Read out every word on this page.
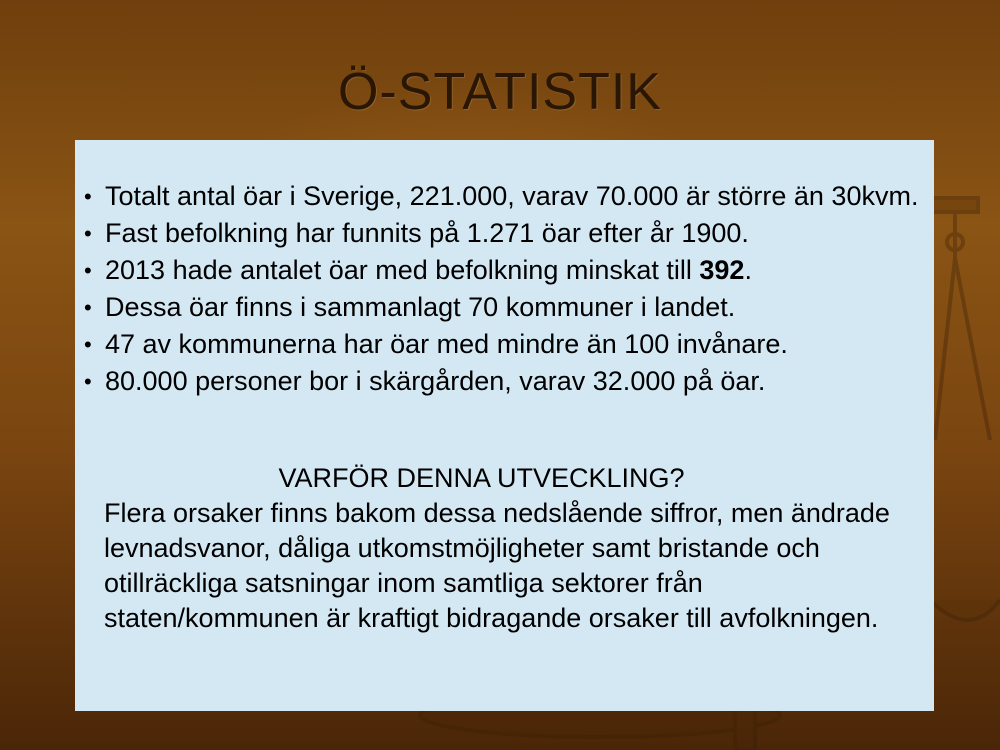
Ö-STATISTIK
• Totalt antal öar i Sverige, 221.000, varav 70.000 är större än 30kvm.
• Fast befolkning har funnits på 1.271 öar efter år 1900.
• 2013 hade antalet öar med befolkning minskat till 392.
• Dessa öar finns i sammanlagt 70 kommuner i landet.
• 47 av kommunerna har öar med mindre än 100 invånare.
• 80.000 personer bor i skärgården, varav 32.000 på öar.
VARFÖR DENNA UTVECKLING?
Flera orsaker finns bakom dessa nedslående siffror, men ändrade levnadsvanor, dåliga utkomstmöjligheter samt bristande och otillräckliga satsningar inom samtliga sektorer från staten/kommunen är kraftigt bidragande orsaker till avfolkningen.
